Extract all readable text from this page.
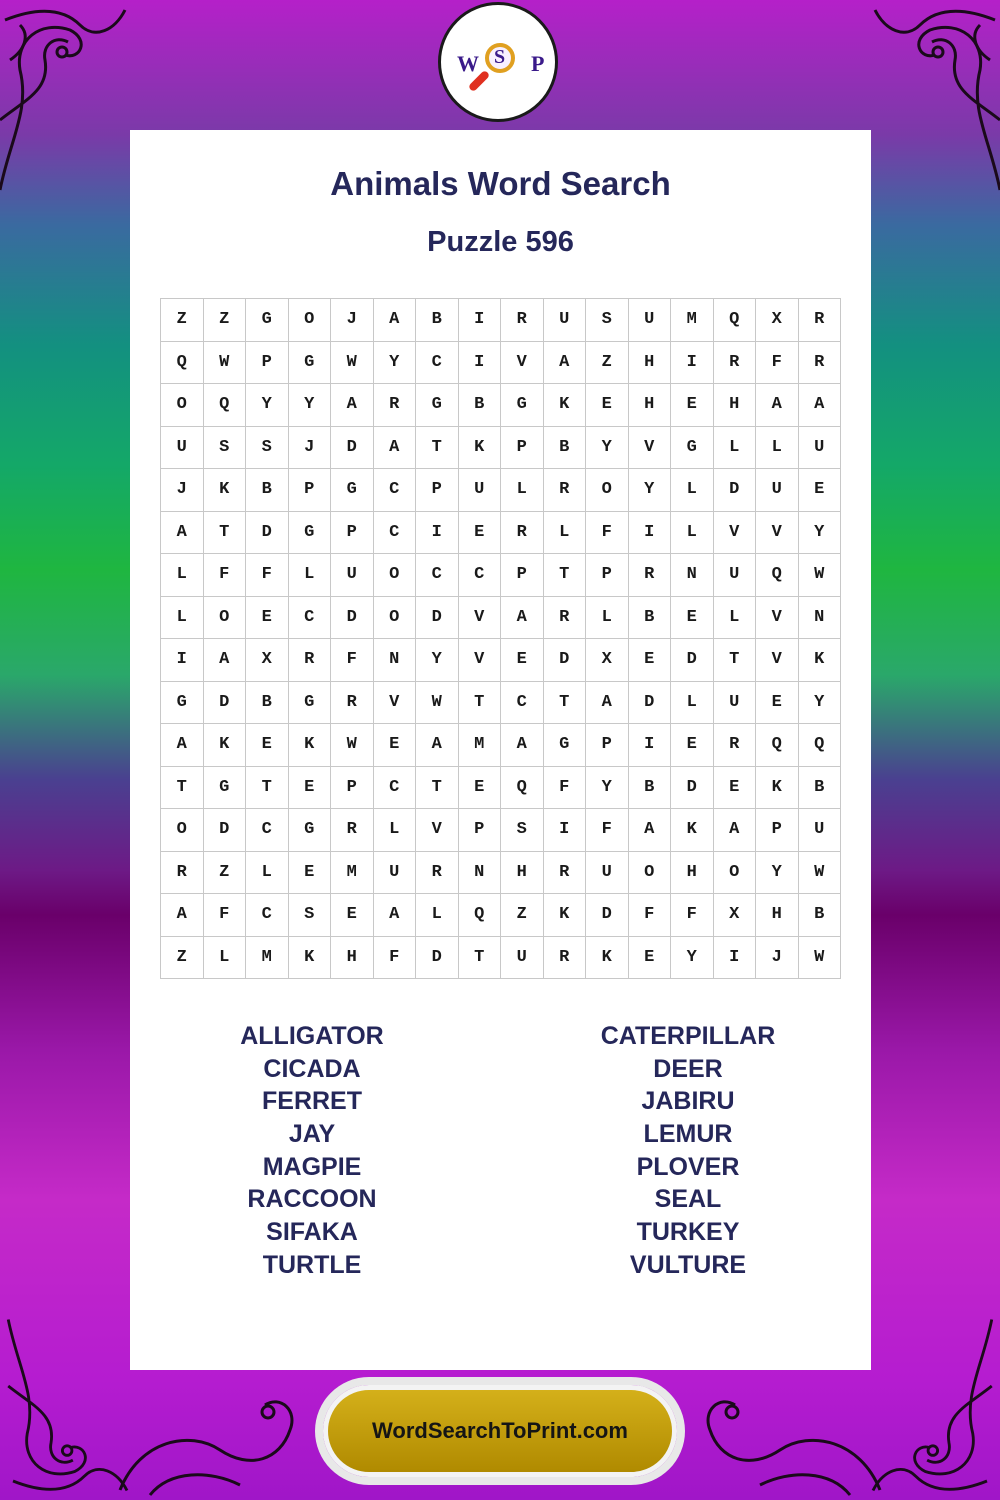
Animals Word Search
Puzzle 596
Z	Z	G	O	J	A	B	I	R	U	S	U	M	Q	X	R
Q	W	P	G	W	Y	C	I	V	A	Z	H	I	R	F	R
O	Q	Y	Y	A	R	G	B	G	K	E	H	E	H	A	A
U	S	S	J	D	A	T	K	P	B	Y	V	G	L	L	U
J	K	B	P	G	C	P	U	L	R	O	Y	L	D	U	E
A	T	D	G	P	C	I	E	R	L	F	I	L	V	V	Y
L	F	F	L	U	O	C	C	P	T	P	R	N	U	Q	W
L	O	E	C	D	O	D	V	A	R	L	B	E	L	V	N
I	A	X	R	F	N	Y	V	E	D	X	E	D	T	V	K
G	D	B	G	R	V	W	T	C	T	A	D	L	U	E	Y
A	K	E	K	W	E	A	M	A	G	P	I	E	R	Q	Q
T	G	T	E	P	C	T	E	Q	F	Y	B	D	E	K	B
O	D	C	G	R	L	V	P	S	I	F	A	K	A	P	U
R	Z	L	E	M	U	R	N	H	R	U	O	H	O	Y	W
A	F	C	S	E	A	L	Q	Z	K	D	F	F	X	H	B
Z	L	M	K	H	F	D	T	U	R	K	E	Y	I	J	W
ALLIGATOR
CICADA
FERRET
JAY
MAGPIE
RACCOON
SIFAKA
TURTLE
CATERPILLAR
DEER
JABIRU
LEMUR
PLOVER
SEAL
TURKEY
VULTURE
W S P
WordSearchToPrint.com
